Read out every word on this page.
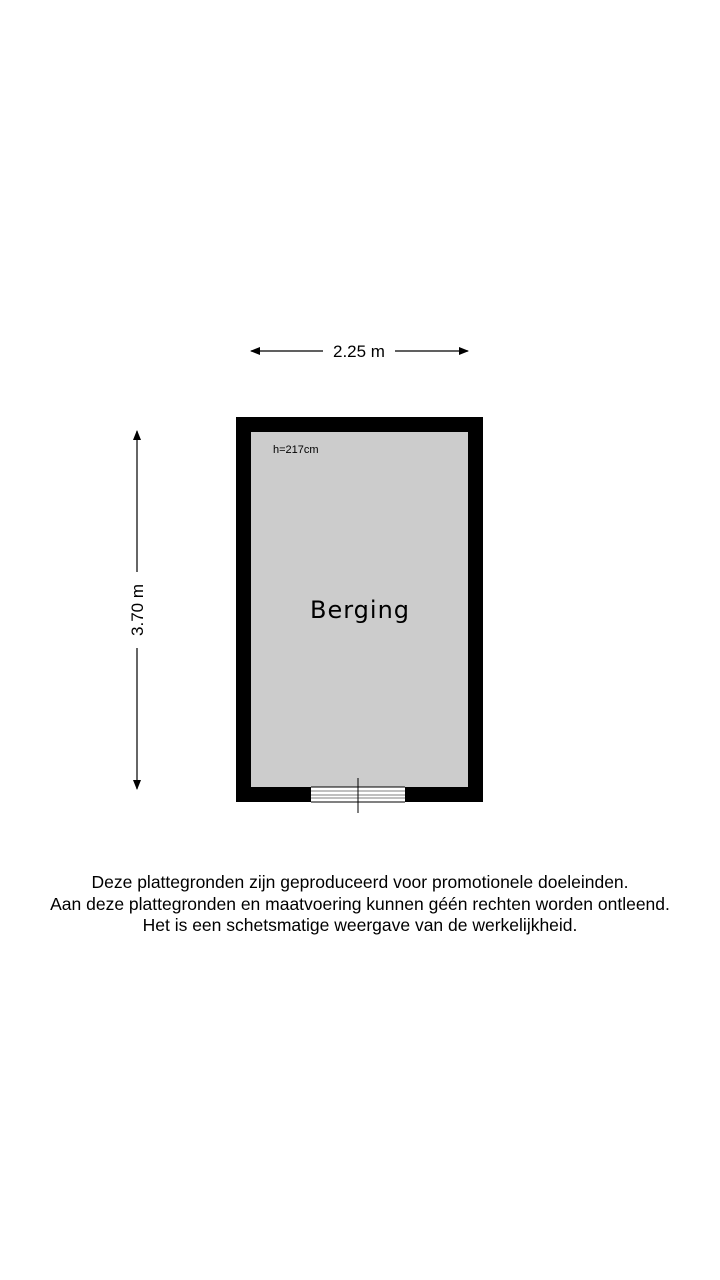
2.25 m
3.70 m
h=217cm
Berging
Deze plattegronden zijn geproduceerd voor promotionele doeleinden.
Aan deze plattegronden en maatvoering kunnen géén rechten worden ontleend.
Het is een schetsmatige weergave van de werkelijkheid.
